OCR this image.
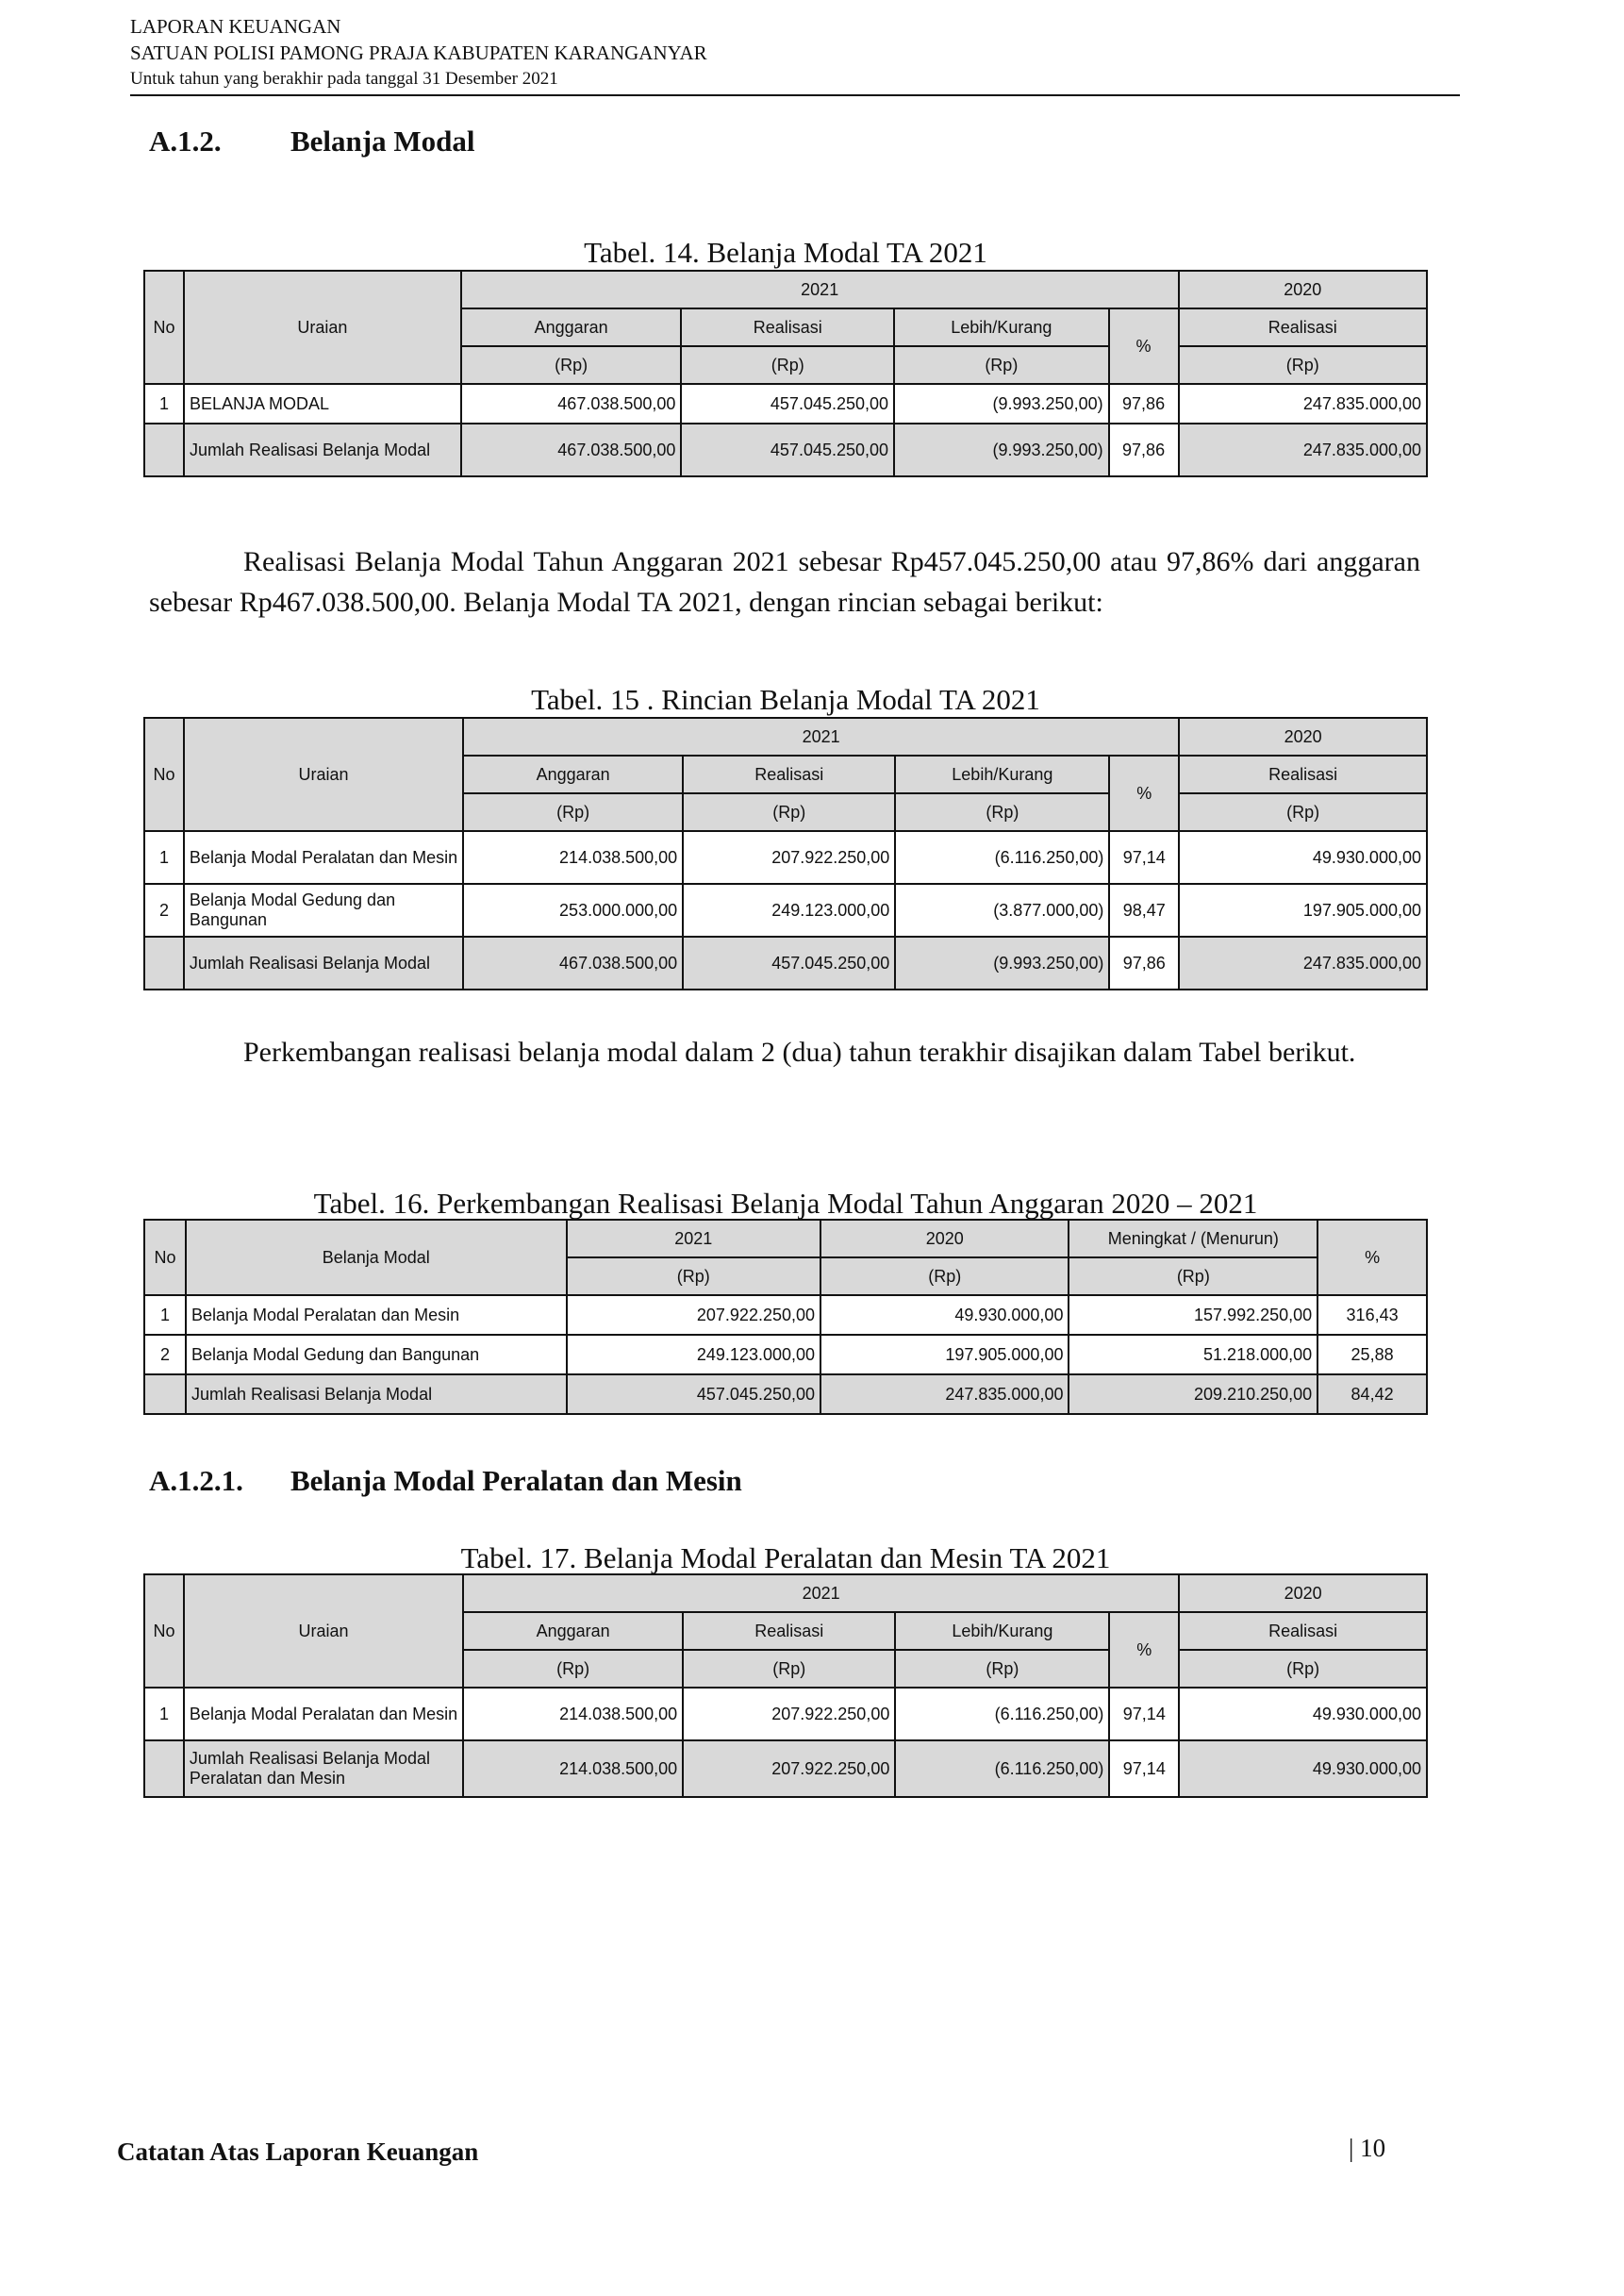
LAPORAN KEUANGAN
SATUAN POLISI PAMONG PRAJA KABUPATEN KARANGANYAR
Untuk tahun yang berakhir pada tanggal 31 Desember 2021
A.1.2. Belanja Modal
Tabel. 14. Belanja Modal TA 2021
No	Uraian	2021				2020
		Anggaran	Realisasi	Lebih/Kurang	%	Realisasi
		(Rp)	(Rp)	(Rp)		(Rp)
1	BELANJA MODAL	467.038.500,00	457.045.250,00	(9.993.250,00)	97,86	247.835.000,00
	Jumlah Realisasi Belanja Modal	467.038.500,00	457.045.250,00	(9.993.250,00)	97,86	247.835.000,00
Realisasi Belanja Modal Tahun Anggaran 2021 sebesar Rp457.045.250,00 atau 97,86% dari anggaran sebesar Rp467.038.500,00. Belanja Modal TA 2021, dengan rincian sebagai berikut:
Tabel. 15 . Rincian Belanja Modal TA 2021
No	Uraian	2021				2020
		Anggaran	Realisasi	Lebih/Kurang	%	Realisasi
		(Rp)	(Rp)	(Rp)		(Rp)
1	Belanja Modal Peralatan dan Mesin	214.038.500,00	207.922.250,00	(6.116.250,00)	97,14	49.930.000,00
2	Belanja Modal Gedung dan
Bangunan	253.000.000,00	249.123.000,00	(3.877.000,00)	98,47	197.905.000,00
	Jumlah Realisasi Belanja Modal	467.038.500,00	457.045.250,00	(9.993.250,00)	97,86	247.835.000,00
Perkembangan realisasi belanja modal dalam 2 (dua) tahun terakhir disajikan dalam Tabel berikut.
Tabel. 16. Perkembangan Realisasi Belanja Modal Tahun Anggaran 2020 – 2021
No	Belanja Modal	2021	2020	Meningkat / (Menurun)	%
		(Rp)	(Rp)	(Rp)	
1	Belanja Modal Peralatan dan Mesin	207.922.250,00	49.930.000,00	157.992.250,00	316,43
2	Belanja Modal Gedung dan Bangunan	249.123.000,00	197.905.000,00	51.218.000,00	25,88
	Jumlah Realisasi Belanja Modal	457.045.250,00	247.835.000,00	209.210.250,00	84,42
A.1.2.1. Belanja Modal Peralatan dan Mesin
Tabel. 17. Belanja Modal Peralatan dan Mesin TA 2021
No	Uraian	2021				2020
		Anggaran	Realisasi	Lebih/Kurang	%	Realisasi
		(Rp)	(Rp)	(Rp)		(Rp)
1	Belanja Modal Peralatan dan Mesin	214.038.500,00	207.922.250,00	(6.116.250,00)	97,14	49.930.000,00

	Jumlah Realisasi Belanja Modal
Peralatan dan Mesin	214.038.500,00	207.922.250,00	(6.116.250,00)	97,14	49.930.000,00
Catatan Atas Laporan Keuangan	| 10
